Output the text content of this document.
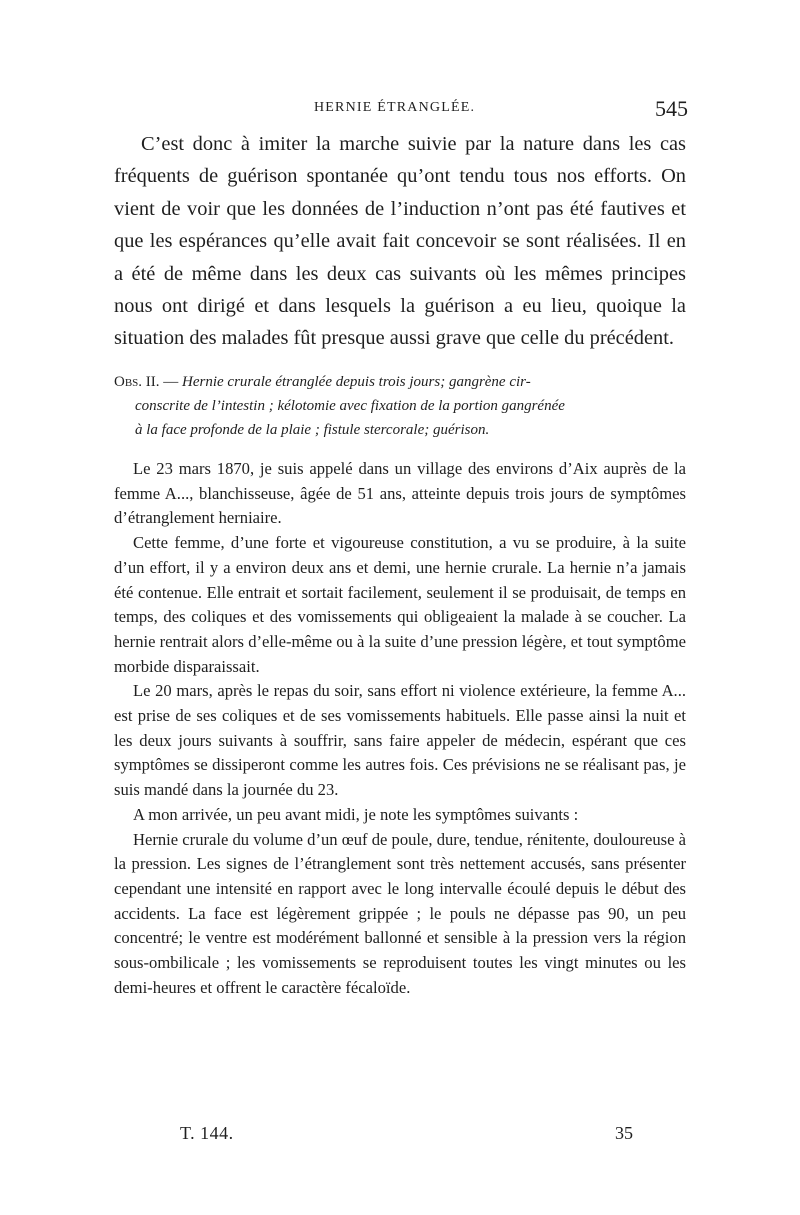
HERNIE ÉTRANGLÉE.	545

C’est donc à imiter la marche suivie par la nature dans les cas fréquents de guérison spontanée qu’ont tendu tous nos efforts. On vient de voir que les données de l’induction n’ont pas été fautives et que les espérances qu’elle avait fait concevoir se sont réalisées. Il en a été de même dans les deux cas suivants où les mêmes principes nous ont dirigé et dans lesquels la guérison a eu lieu, quoique la situation des malades fût presque aussi grave que celle du précédent.

Obs. II. — Hernie crurale étranglée depuis trois jours; gangrène cir-
conscrite de l’intestin ; kélotomie avec fixation de la portion gangrénée
à la face profonde de la plaie ; fistule stercorale; guérison.

Le 23 mars 1870, je suis appelé dans un village des environs d’Aix auprès de la femme A..., blanchisseuse, âgée de 51 ans, atteinte depuis trois jours de symptômes d’étranglement herniaire.

Cette femme, d’une forte et vigoureuse constitution, a vu se produire, à la suite d’un effort, il y a environ deux ans et demi, une hernie crurale. La hernie n’a jamais été contenue. Elle entrait et sortait facilement, seulement il se produisait, de temps en temps, des coliques et des vomissements qui obligeaient la malade à se coucher. La hernie rentrait alors d’elle-même ou à la suite d’une pression légère, et tout symptôme morbide disparaissait.

Le 20 mars, après le repas du soir, sans effort ni violence extérieure, la femme A... est prise de ses coliques et de ses vomissements habituels. Elle passe ainsi la nuit et les deux jours suivants à souffrir, sans faire appeler de médecin, espérant que ces symptômes se dissiperont comme les autres fois. Ces prévisions ne se réalisant pas, je suis mandé dans la journée du 23.

A mon arrivée, un peu avant midi, je note les symptômes suivants :

Hernie crurale du volume d’un œuf de poule, dure, tendue, rénitente, douloureuse à la pression. Les signes de l’étranglement sont très nettement accusés, sans présenter cependant une intensité en rapport avec le long intervalle écoulé depuis le début des accidents. La face est légèrement grippée ; le pouls ne dépasse pas 90, un peu concentré; le ventre est modérément ballonné et sensible à la pression vers la région sous-ombilicale ; les vomissements se reproduisent toutes les vingt minutes ou les demi-heures et offrent le caractère fécaloïde.

T. 144.	35
